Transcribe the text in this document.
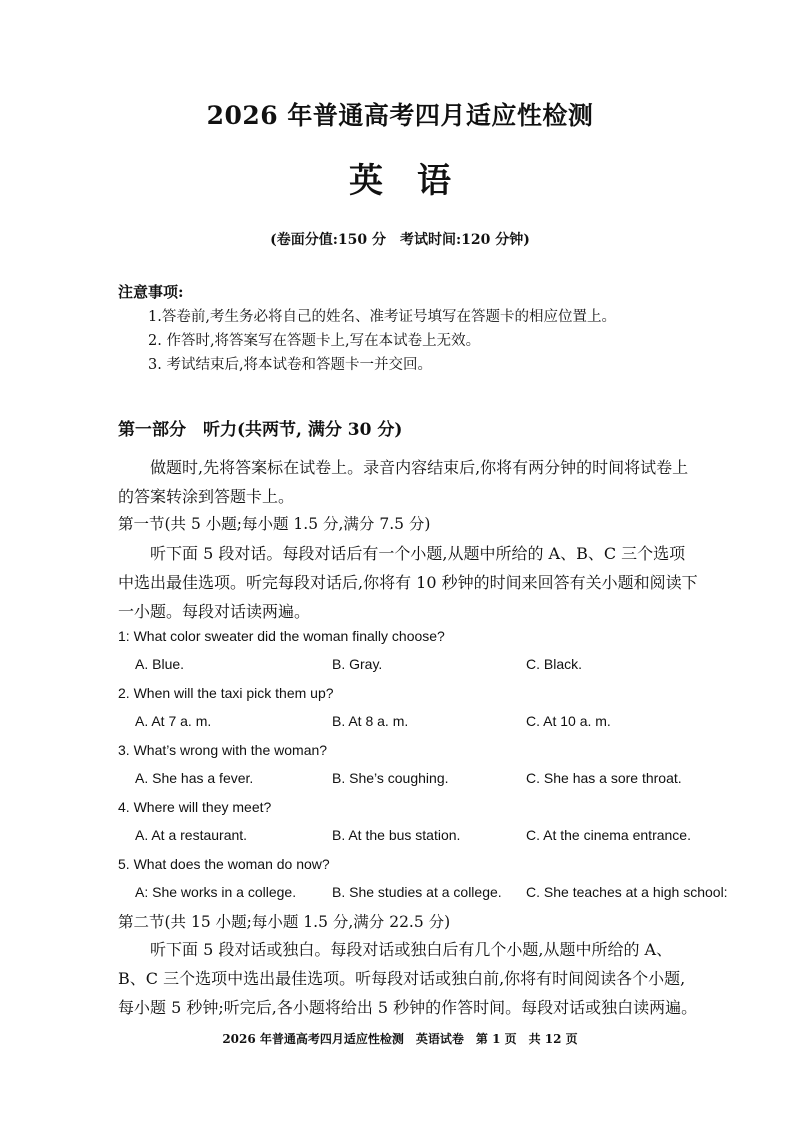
2026 年普通高考四月适应性检测
英语
(卷面分值:150 分　考试时间:120 分钟)
注意事项:
1.答卷前,考生务必将自己的姓名、准考证号填写在答题卡的相应位置上。
2. 作答时,将答案写在答题卡上,写在本试卷上无效。
3. 考试结束后,将本试卷和答题卡一并交回。
第一部分　听力(共两节, 满分 30 分)
做题时,先将答案标在试卷上。录音内容结束后,你将有两分钟的时间将试卷上的答案转涂到答题卡上。
第一节(共 5 小题;每小题 1.5 分,满分 7.5 分)
听下面 5 段对话。每段对话后有一个小题,从题中所给的 A、B、C 三个选项中选出最佳选项。听完每段对话后,你将有 10 秒钟的时间来回答有关小题和阅读下一小题。每段对话读两遍。
1: What color sweater did the woman finally choose?
A. Blue.	B. Gray.	C. Black.
2. When will the taxi pick them up?
A. At 7 a. m.	B. At 8 a. m.	C. At 10 a. m.
3. What’s wrong with the woman?
A. She has a fever.	B. She’s coughing.	C. She has a sore throat.
4. Where will they meet?
A. At a restaurant.	B. At the bus station.	C. At the cinema entrance.
5. What does the woman do now?
A: She works in a college.	B. She studies at a college. C. She teaches at a high school:
第二节(共 15 小题;每小题 1.5 分,满分 22.5 分)
听下面 5 段对话或独白。每段对话或独白后有几个小题,从题中所给的 A、B、C 三个选项中选出最佳选项。听每段对话或独白前,你将有时间阅读各个小题,每小题 5 秒钟;听完后,各小题将给出 5 秒钟的作答时间。每段对话或独白读两遍。
2026 年普通高考四月适应性检测　英语试卷　第 1 页　共 12 页
